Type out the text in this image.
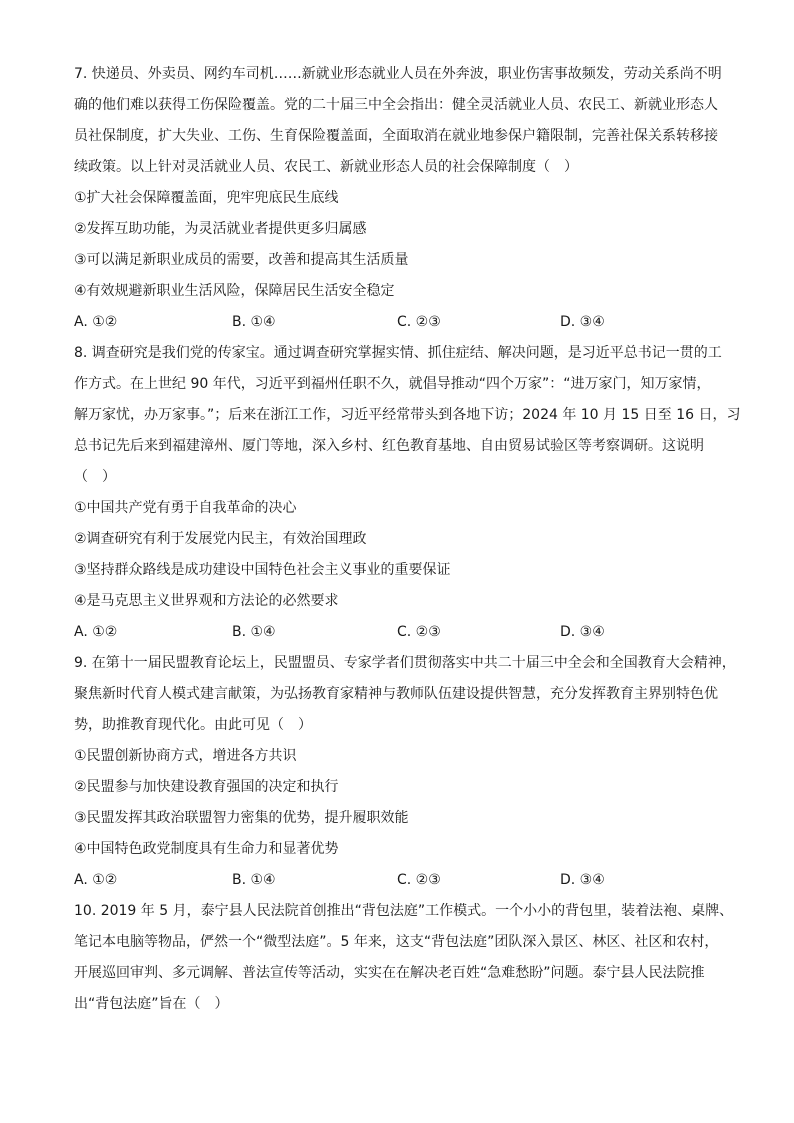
7. 快递员、外卖员、网约车司机……新就业形态就业人员在外奔波，职业伤害事故频发，劳动关系尚不明
确的他们难以获得工伤保险覆盖。党的二十届三中全会指出：健全灵活就业人员、农民工、新就业形态人
员社保制度，扩大失业、工伤、生育保险覆盖面，全面取消在就业地参保户籍限制，完善社保关系转移接
续政策。以上针对灵活就业人员、农民工、新就业形态人员的社会保障制度（　）
①扩大社会保障覆盖面，兜牢兜底民生底线
②发挥互助功能，为灵活就业者提供更多归属感
③可以满足新职业成员的需要，改善和提高其生活质量
④有效规避新职业生活风险，保障居民生活安全稳定
A. ①②	B. ①④	C. ②③	D. ③④
8. 调查研究是我们党的传家宝。通过调查研究掌握实情、抓住症结、解决问题，是习近平总书记一贯的工
作方式。在上世纪 90 年代，习近平到福州任职不久，就倡导推动“四个万家”：“进万家门，知万家情，
解万家忧，办万家事。”；后来在浙江工作，习近平经常带头到各地下访；2024 年 10 月 15 日至 16 日，习
总书记先后来到福建漳州、厦门等地，深入乡村、红色教育基地、自由贸易试验区等考察调研。这说明
（　）
①中国共产党有勇于自我革命的决心
②调查研究有利于发展党内民主，有效治国理政
③坚持群众路线是成功建设中国特色社会主义事业的重要保证
④是马克思主义世界观和方法论的必然要求
A. ①②	B. ①④	C. ②③	D. ③④
9. 在第十一届民盟教育论坛上，民盟盟员、专家学者们贯彻落实中共二十届三中全会和全国教育大会精神，
聚焦新时代育人模式建言献策，为弘扬教育家精神与教师队伍建设提供智慧，充分发挥教育主界别特色优
势，助推教育现代化。由此可见（　）
①民盟创新协商方式，增进各方共识
②民盟参与加快建设教育强国的决定和执行
③民盟发挥其政治联盟智力密集的优势，提升履职效能
④中国特色政党制度具有生命力和显著优势
A. ①②	B. ①④	C. ②③	D. ③④
10. 2019 年 5 月，泰宁县人民法院首创推出“背包法庭”工作模式。一个小小的背包里，装着法袍、桌牌、
笔记本电脑等物品，俨然一个“微型法庭”。5 年来，这支“背包法庭”团队深入景区、林区、社区和农村，
开展巡回审判、多元调解、普法宣传等活动，实实在在解决老百姓“急难愁盼”问题。泰宁县人民法院推
出“背包法庭”旨在（　）
